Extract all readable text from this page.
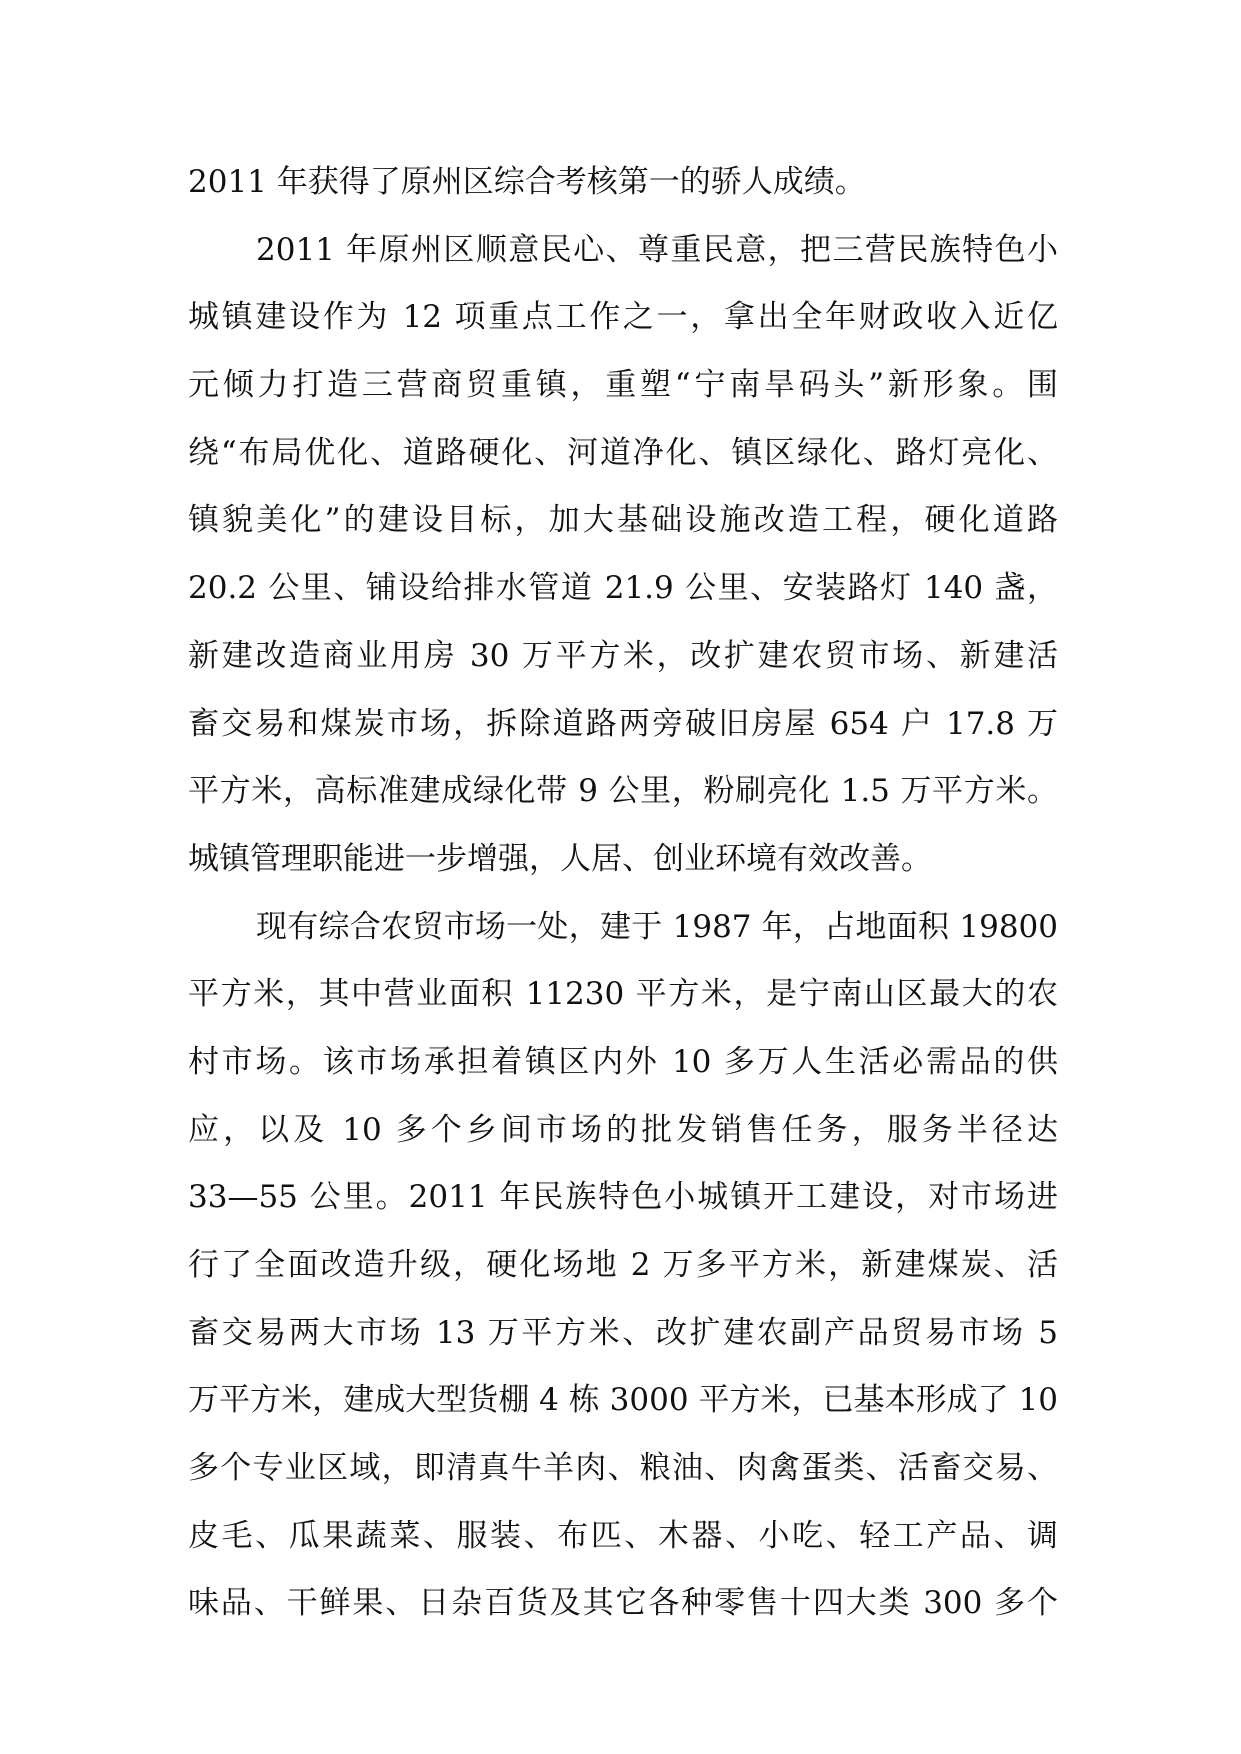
2011 年获得了原州区综合考核第一的骄人成绩。
2011 年原州区顺意民心、尊重民意，把三营民族特色小
城镇建设作为 12 项重点工作之一，拿出全年财政收入近亿
元倾力打造三营商贸重镇，重塑“宁南旱码头”新形象。围
绕“布局优化、道路硬化、河道净化、镇区绿化、路灯亮化、
镇貌美化”的建设目标，加大基础设施改造工程，硬化道路
20.2 公里、铺设给排水管道 21.9 公里、安装路灯 140 盏，
新建改造商业用房 30 万平方米，改扩建农贸市场、新建活
畜交易和煤炭市场，拆除道路两旁破旧房屋 654 户 17.8 万
平方米，高标准建成绿化带 9 公里，粉刷亮化 1.5 万平方米。
城镇管理职能进一步增强，人居、创业环境有效改善。
现有综合农贸市场一处，建于 1987 年，占地面积 19800
平方米，其中营业面积 11230 平方米，是宁南山区最大的农
村市场。该市场承担着镇区内外 10 多万人生活必需品的供
应，以及 10 多个乡间市场的批发销售任务，服务半径达
33—55 公里。2011 年民族特色小城镇开工建设，对市场进
行了全面改造升级，硬化场地 2 万多平方米，新建煤炭、活
畜交易两大市场 13 万平方米、改扩建农副产品贸易市场 5
万平方米，建成大型货棚 4 栋 3000 平方米，已基本形成了 10
多个专业区域，即清真牛羊肉、粮油、肉禽蛋类、活畜交易、
皮毛、瓜果蔬菜、服装、布匹、木器、小吃、轻工产品、调
味品、干鲜果、日杂百货及其它各种零售十四大类 300 多个
